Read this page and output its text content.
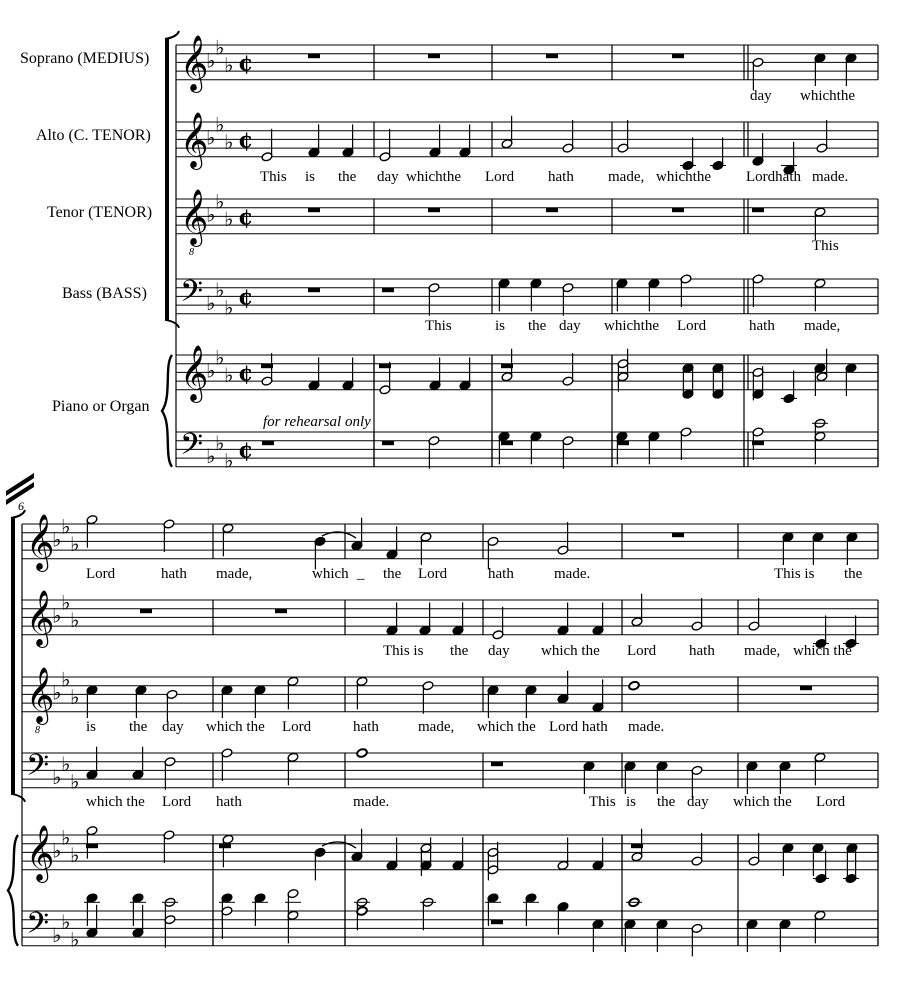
𝄞
♭
♭
♭ ¢
𝄞
♭
♭
♭ ¢
𝄞
8
♭
♭
♭ ¢
𝄢 ♭
♭
♭ ¢
𝄞
♭
♭
♭ ¢
𝄢 ♭
♭
♭ ¢
𝄞
♭
♭
♭
𝄞
♭
♭
♭
𝄞
8
♭
♭
♭
𝄢 ♭
♭
♭
𝄞
♭
♭
♭
𝄢 ♭
♭
♭
Soprano (MEDIUS)
Alto (C. TENOR)
Tenor (TENOR)
Bass (BASS)
Piano or Organ
for rehearsal only
6
day whichthe
This is the day whichthe Lord hath made, whichthe Lordhath made.
This
This	is the day whichthe Lord	hath made,
Lord	hath made,	which _ the Lord	hath	made.	This is the
This is the day which the Lord hath made, which the
is the day which the Lord	hath	made, which the Lord hath made.
which the Lord hath	made.	This is the day which the Lord
